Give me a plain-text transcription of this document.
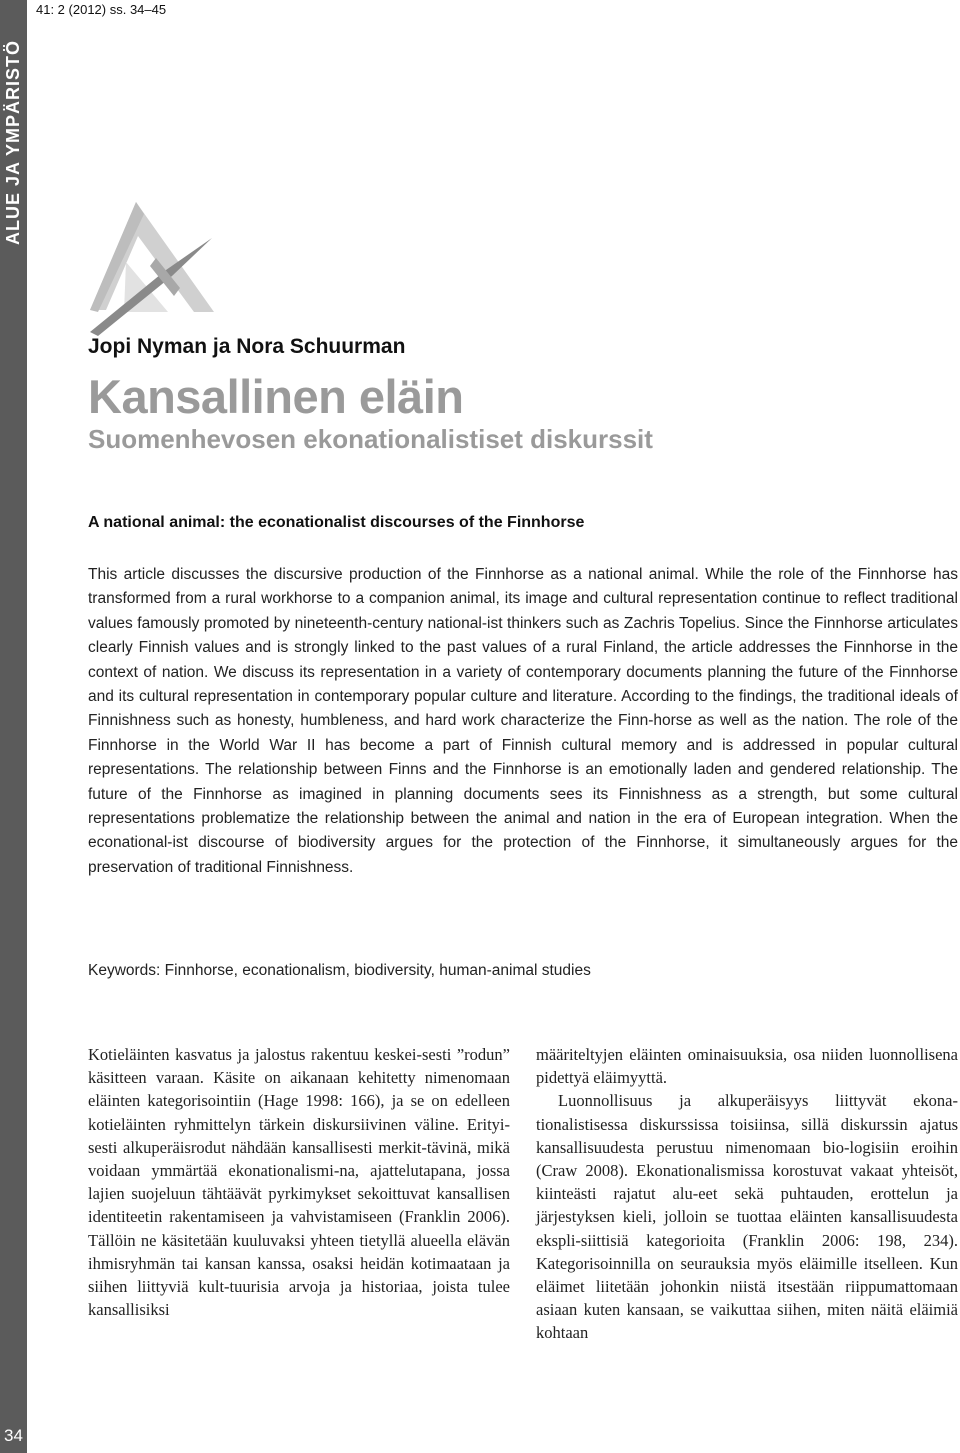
ALUE JA YMPÄRISTÖ
34
41: 2 (2012) ss. 34–45
Jopi Nyman ja Nora Schuurman
Kansallinen eläin
Suomenhevosen ekonationalistiset diskurssit
A national animal: the econationalist discourses of the Finnhorse

This article discusses the discursive production of the Finnhorse as a national animal. While the role of the Finnhorse has transformed from a rural workhorse to a companion animal, its image and cultural representation continue to reflect traditional values famously promoted by nineteenth-century national-ist thinkers such as Zachris Topelius. Since the Finnhorse articulates clearly Finnish values and is strongly linked to the past values of a rural Finland, the article addresses the Finnhorse in the context of nation. We discuss its representation in a variety of contemporary documents planning the future of the Finnhorse and its cultural representation in contemporary popular culture and literature. According to the findings, the traditional ideals of Finnishness such as honesty, humbleness, and hard work characterize the Finn-horse as well as the nation. The role of the Finnhorse in the World War II has become a part of Finnish cultural memory and is addressed in popular cultural representations. The relationship between Finns and the Finnhorse is an emotionally laden and gendered relationship. The future of the Finnhorse as imagined in planning documents sees its Finnishness as a strength, but some cultural representations problematize the relationship between the animal and nation in the era of European integration. When the econational-ist discourse of biodiversity argues for the protection of the Finnhorse, it simultaneously argues for the preservation of traditional Finnishness.

Keywords: Finnhorse, econationalism, biodiversity, human-animal studies

Kotieläinten kasvatus ja jalostus rakentuu keskei-sesti ”rodun” käsitteen varaan. Käsite on aikanaan kehitetty nimenomaan eläinten kategorisointiin (Hage 1998: 166), ja se on edelleen kotieläinten ryhmittelyn tärkein diskursiivinen väline. Erityi-sesti alkuperäisrodut nähdään kansallisesti merkit-tävinä, mikä voidaan ymmärtää ekonationalismi-na, ajattelutapana, jossa lajien suojeluun tähtäävät pyrkimykset sekoittuvat kansallisen identiteetin rakentamiseen ja vahvistamiseen (Franklin 2006). Tällöin ne käsitetään kuuluvaksi yhteen tietyllä alueella elävän ihmisryhmän tai kansan kanssa, osaksi heidän kotimaataan ja siihen liittyviä kult-tuurisia arvoja ja historiaa, joista tulee kansallisiksi

määriteltyjen eläinten ominaisuuksia, osa niiden luonnollisena pidettyä eläimyyttä.

Luonnollisuus ja alkuperäisyys liittyvät ekona-tionalistisessa diskurssissa toisiinsa, sillä diskurssin ajatus kansallisuudesta perustuu nimenomaan bio-logisiin eroihin (Craw 2008). Ekonationalismissa korostuvat vakaat yhteisöt, kiinteästi rajatut alu-eet sekä puhtauden, erottelun ja järjestyksen kieli, jolloin se tuottaa eläinten kansallisuudesta ekspli-siittisiä kategorioita (Franklin 2006: 198, 234). Kategorisoinnilla on seurauksia myös eläimille itselleen. Kun eläimet liitetään johonkin niistä itsestään riippumattomaan asiaan kuten kansaan, se vaikuttaa siihen, miten näitä eläimiä kohtaan
